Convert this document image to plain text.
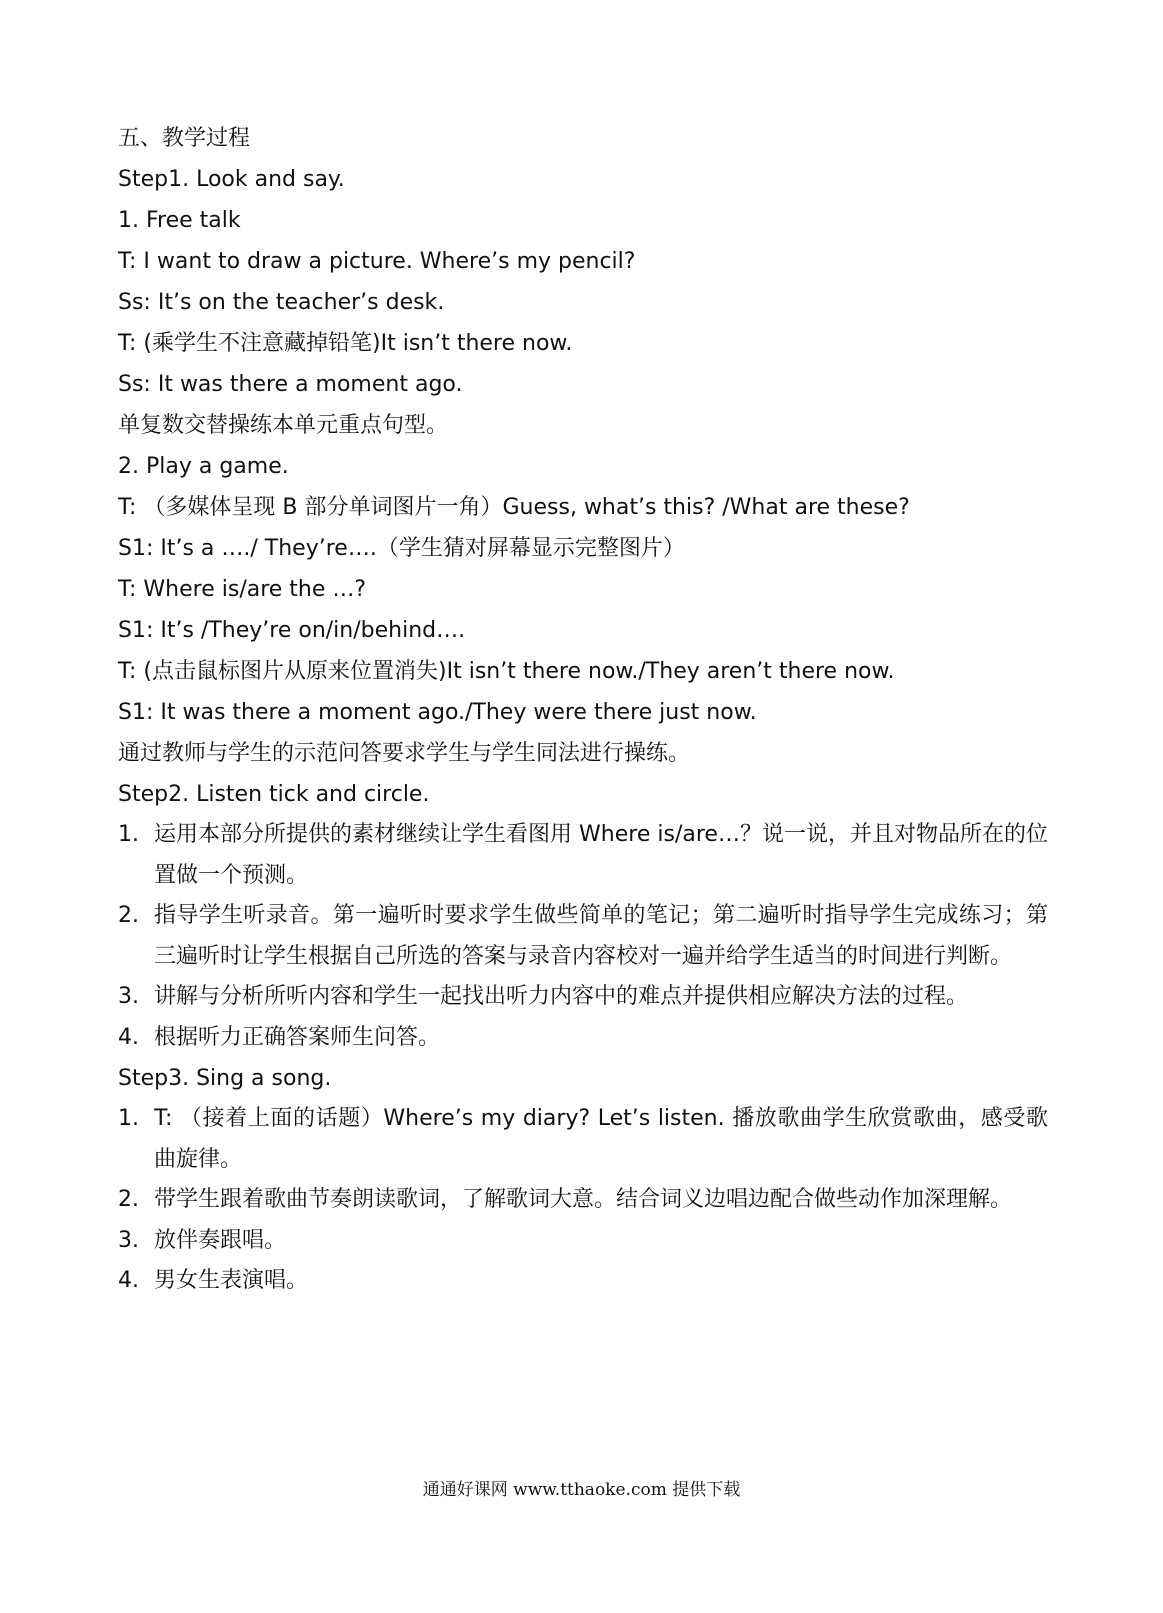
五、教学过程
Step1. Look and say.
1. Free talk
T: I want to draw a picture. Where’s my pencil?
Ss: It’s on the teacher’s desk.
T: (乘学生不注意藏掉铅笔)It isn’t there now.
Ss: It was there a moment ago.
单复数交替操练本单元重点句型。
2. Play a game.
T: （多媒体呈现 B 部分单词图片一角）Guess, what’s this? /What are these?
S1: It’s a …./ They’re….（学生猜对屏幕显示完整图片）
T: Where is/are the …?
S1: It’s /They’re on/in/behind….
T: (点击鼠标图片从原来位置消失)It isn’t there now./They aren’t there now.
S1: It was there a moment ago./They were there just now.
通过教师与学生的示范问答要求学生与学生同法进行操练。
Step2. Listen tick and circle.
1. 运用本部分所提供的素材继续让学生看图用 Where is/are…？说一说，并且对物品所在的位置做一个预测。
2. 指导学生听录音。第一遍听时要求学生做些简单的笔记；第二遍听时指导学生完成练习；第三遍听时让学生根据自己所选的答案与录音内容校对一遍并给学生适当的时间进行判断。
3. 讲解与分析所听内容和学生一起找出听力内容中的难点并提供相应解决方法的过程。
4. 根据听力正确答案师生问答。
Step3. Sing a song.
1. T: （接着上面的话题）Where’s my diary? Let’s listen. 播放歌曲学生欣赏歌曲，感受歌曲旋律。
2. 带学生跟着歌曲节奏朗读歌词，了解歌词大意。结合词义边唱边配合做些动作加深理解。
3. 放伴奏跟唱。
4. 男女生表演唱。
通通好课网 www.tthaoke.com 提供下载
